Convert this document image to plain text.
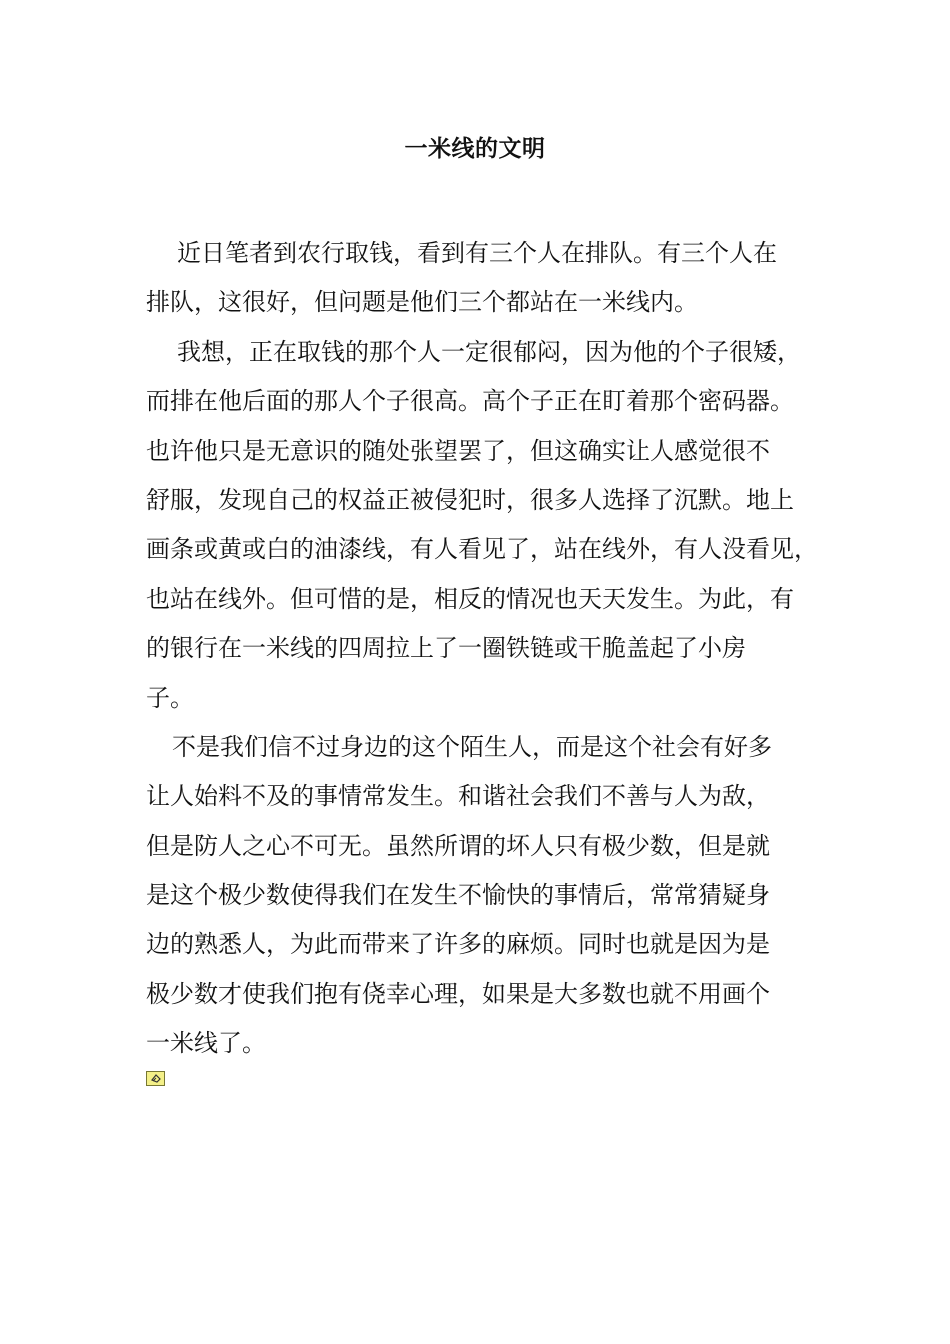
一米线的文明
近日笔者到农行取钱，看到有三个人在排队。有三个人在
排队，这很好，但问题是他们三个都站在一米线内。
我想，正在取钱的那个人一定很郁闷，因为他的个子很矮，
而排在他后面的那人个子很高。高个子正在盯着那个密码器。
也许他只是无意识的随处张望罢了，但这确实让人感觉很不
舒服，发现自己的权益正被侵犯时，很多人选择了沉默。地上
画条或黄或白的油漆线，有人看见了，站在线外，有人没看见，
也站在线外。但可惜的是，相反的情况也天天发生。为此，有
的银行在一米线的四周拉上了一圈铁链或干脆盖起了小房
子。
不是我们信不过身边的这个陌生人，而是这个社会有好多
让人始料不及的事情常发生。和谐社会我们不善与人为敌，
但是防人之心不可无。虽然所谓的坏人只有极少数，但是就
是这个极少数使得我们在发生不愉快的事情后，常常猜疑身
边的熟悉人，为此而带来了许多的麻烦。同时也就是因为是
极少数才使我们抱有侥幸心理，如果是大多数也就不用画个
一米线了。
